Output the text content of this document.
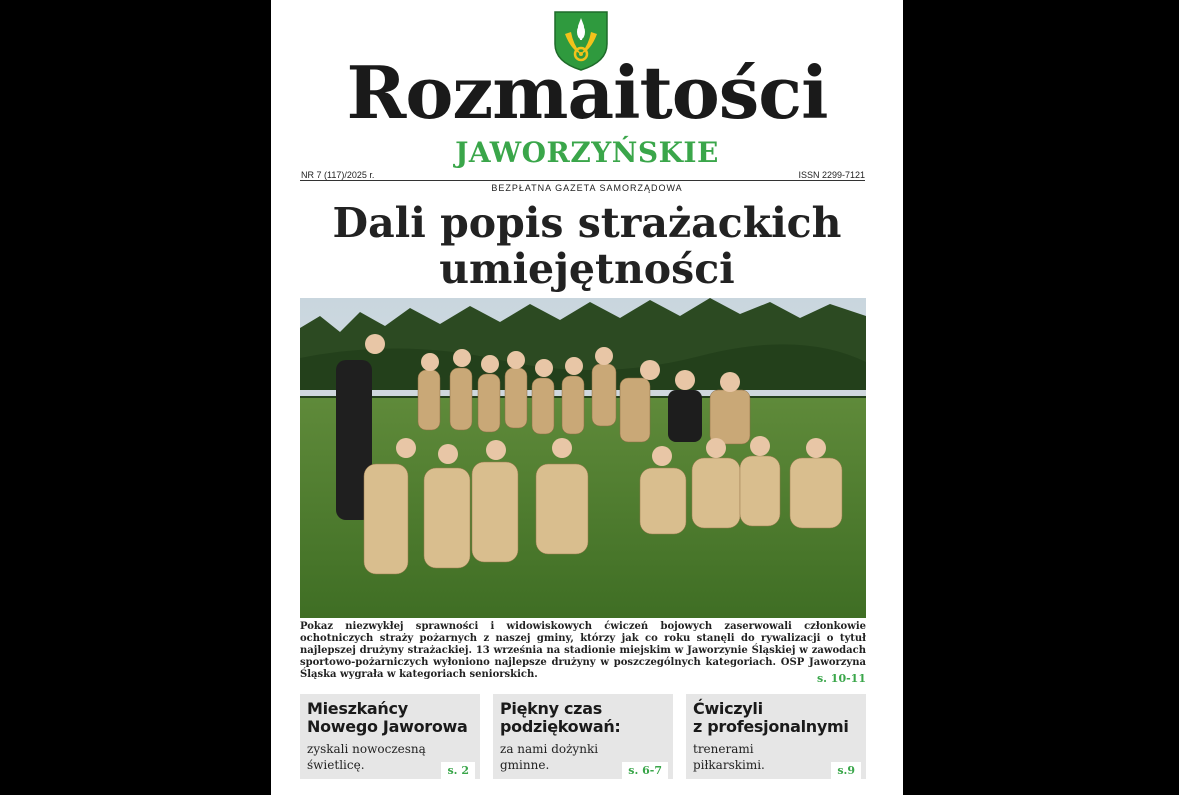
Rozmaitości
JAWORZYŃSKIE
NR 7 (117)/2025 r.	ISSN 2299-7121
BEZPŁATNA GAZETA SAMORZĄDOWA
Dali popis strażackich
umiejętności
Pokaz niezwykłej sprawności i widowiskowych ćwiczeń bojowych zaserwowali członkowie ochotniczych straży pożarnych z naszej gminy, którzy jak co roku stanęli do rywalizacji o tytuł najlepszej drużyny strażackiej. 13 września na stadionie miejskim w Jaworzynie Śląskiej w zawodach sportowo-pożarniczych wyłoniono najlepsze drużyny w poszczególnych kategoriach. OSP Jaworzyna Śląska wygrała w kategoriach seniorskich.	s. 10-11
Mieszkańcy
Nowego Jaworowa
zyskali nowoczesną
świetlicę.	s. 2
Piękny czas
podziękowań:
za nami dożynki
gminne.	s. 6-7
Ćwiczyli
z profesjonalnymi
trenerami
piłkarskimi.	s.9
